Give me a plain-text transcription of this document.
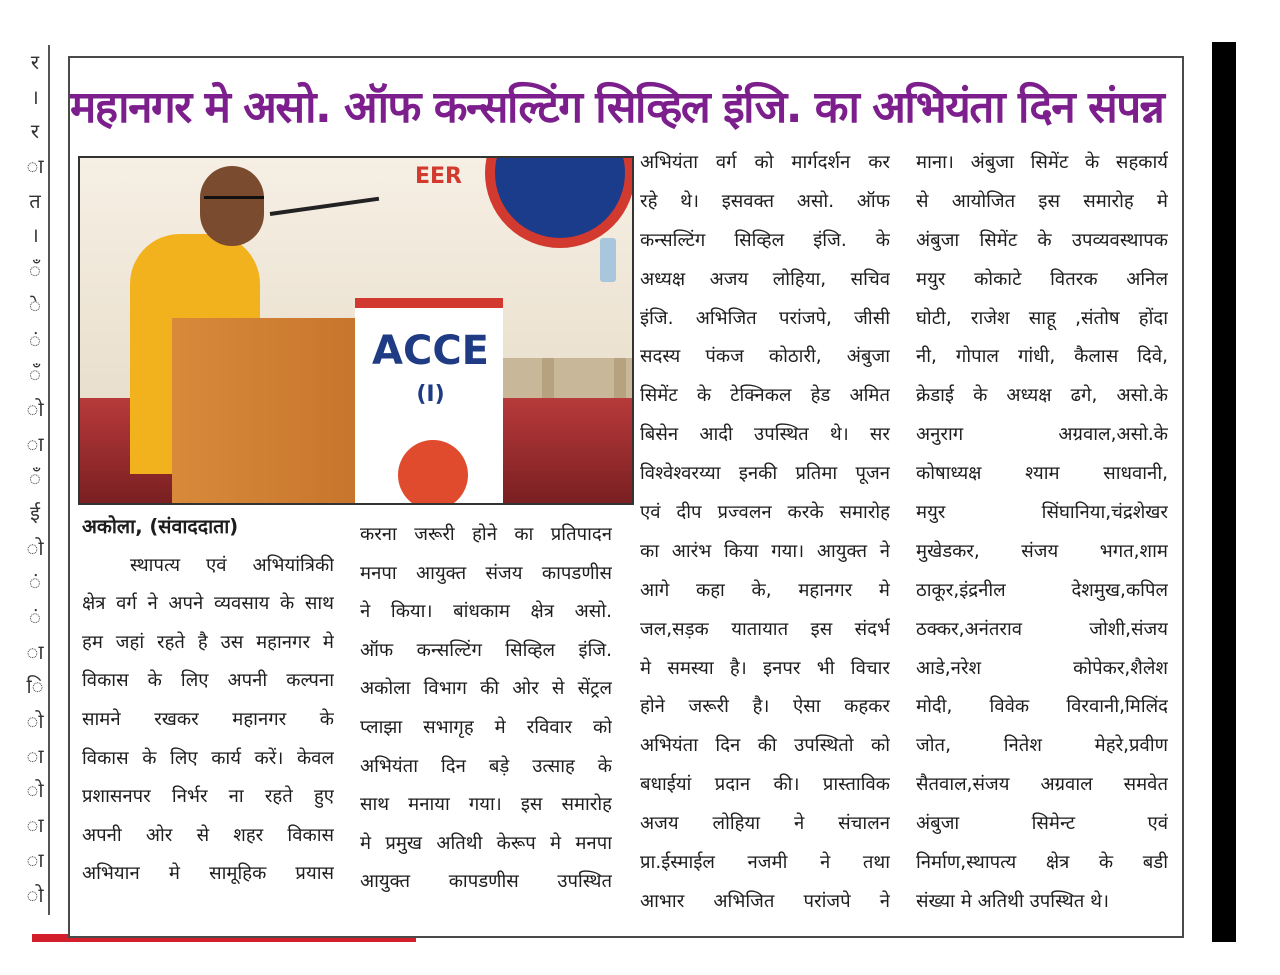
र
।
र
ा
त
।
ँ
े
ं
ँ
ो
ा
ँ
ई
ो
ं
ं
ा
ि
ो
ा
ो
ा
ा
ो
महानगर मे असो. ऑफ कन्सल्टिंग सिव्हिल इंजि. का अभियंता दिन संपन्न
EER
ACCE
(I)

अकोला, (संवाददाता)

स्थापत्य एवं अभियांत्रिकी

क्षेत्र वर्ग ने अपने व्यवसाय के साथ

हम जहां रहते है उस महानगर मे

विकास के लिए अपनी कल्पना

सामने रखकर महानगर के

विकास के लिए कार्य करें। केवल

प्रशासनपर निर्भर ना रहते हुए

अपनी ओर से शहर विकास

अभियान मे सामूहिक प्रयास

करना जरूरी होने का प्रतिपादन

मनपा आयुक्त संजय कापडणीस

ने किया। बांधकाम क्षेत्र असो.

ऑफ कन्सल्टिंग सिव्हिल इंजि.

अकोला विभाग की ओर से सेंट्रल

प्लाझा सभागृह मे रविवार को

अभियंता दिन बड़े उत्साह के

साथ मनाया गया। इस समारोह

मे प्रमुख अतिथी केरूप मे मनपा

आयुक्त कापडणीस उपस्थित

अभियंता वर्ग को मार्गदर्शन कर

रहे थे। इसवक्त असो. ऑफ

कन्सल्टिंग सिव्हिल इंजि. के

अध्यक्ष अजय लोहिया, सचिव

इंजि. अभिजित परांजपे, जीसी

सदस्य पंकज कोठारी, अंबुजा

सिमेंट के टेक्निकल हेड अमित

बिसेन आदी उपस्थित थे। सर

विश्वेश्वरय्या इनकी प्रतिमा पूजन

एवं दीप प्रज्वलन करके समारोह

का आरंभ किया गया। आयुक्त ने

आगे कहा के, महानगर मे

जल,सड़क यातायात इस संदर्भ

मे समस्या है। इनपर भी विचार

होने जरूरी है। ऐसा कहकर

अभियंता दिन की उपस्थितो को

बधाईयां प्रदान की। प्रास्ताविक

अजय लोहिया ने संचालन

प्रा.ईस्माईल नजमी ने तथा

आभार अभिजित परांजपे ने

माना। अंबुजा सिमेंट के सहकार्य

से आयोजित इस समारोह मे

अंबुजा सिमेंट के उपव्यवस्थापक

मयुर कोकाटे वितरक अनिल

घोटी, राजेश साहू ,संतोष होंदा

नी, गोपाल गांधी, कैलास दिवे,

क्रेडाई के अध्यक्ष ढगे, असो.के

अनुराग अग्रवाल,असो.के

कोषाध्यक्ष श्याम साधवानी,

मयुर सिंघानिया,चंद्रशेखर

मुखेडकर, संजय भगत,शाम

ठाकूर,इंद्रनील देशमुख,कपिल

ठक्कर,अनंतराव जोशी,संजय

आडे,नरेश कोपेकर,शैलेश

मोदी, विवेक विरवानी,मिलिंद

जोत, नितेश मेहरे,प्रवीण

सैतवाल,संजय अग्रवाल समवेत

अंबुजा सिमेन्ट एवं

निर्माण,स्थापत्य क्षेत्र के बडी

संख्या मे अतिथी उपस्थित थे।
